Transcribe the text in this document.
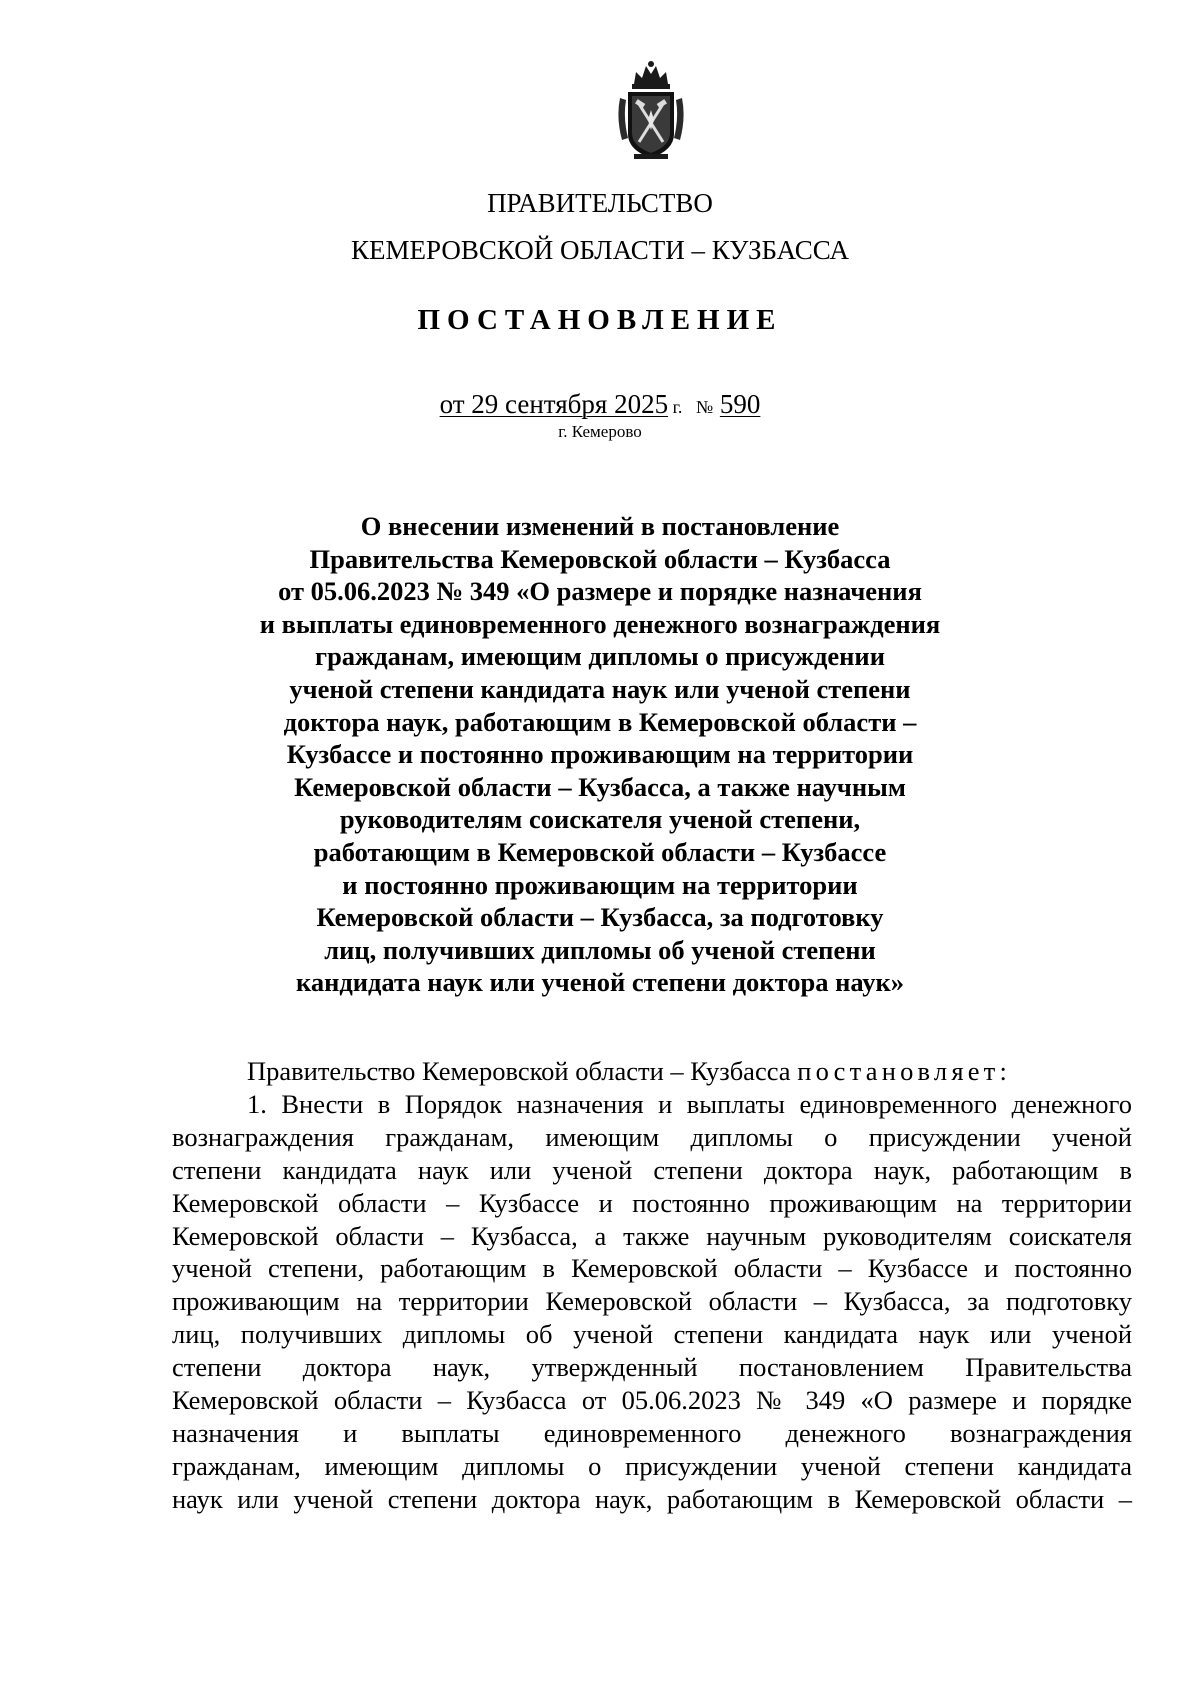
ПРАВИТЕЛЬСТВО
КЕМЕРОВСКОЙ ОБЛАСТИ – КУЗБАССА
ПОСТАНОВЛЕНИЕ
от 29 сентября 2025 г. № 590
г. Кемерово
О внесении изменений в постановление
Правительства Кемеровской области – Кузбасса
от 05.06.2023 № 349 «О размере и порядке назначения
и выплаты единовременного денежного вознаграждения
гражданам, имеющим дипломы о присуждении
ученой степени кандидата наук или ученой степени
доктора наук, работающим в Кемеровской области –
Кузбассе и постоянно проживающим на территории
Кемеровской области – Кузбасса, а также научным
руководителям соискателя ученой степени,
работающим в Кемеровской области – Кузбассе
и постоянно проживающим на территории
Кемеровской области – Кузбасса, за подготовку
лиц, получивших дипломы об ученой степени
кандидата наук или ученой степени доктора наук»
Правительство Кемеровской области – Кузбасса постановляет:
1. Внести в Порядок назначения и выплаты единовременного денежного
вознаграждения гражданам, имеющим дипломы о присуждении ученой
степени кандидата наук или ученой степени доктора наук, работающим в
Кемеровской области – Кузбассе и постоянно проживающим на территории
Кемеровской области – Кузбасса, а также научным руководителям соискателя
ученой степени, работающим в Кемеровской области – Кузбассе и постоянно
проживающим на территории Кемеровской области – Кузбасса, за подготовку
лиц, получивших дипломы об ученой степени кандидата наук или ученой
степени доктора наук, утвержденный постановлением Правительства
Кемеровской области – Кузбасса от 05.06.2023 № 349 «О размере и порядке
назначения и выплаты единовременного денежного вознаграждения
гражданам, имеющим дипломы о присуждении ученой степени кандидата
наук или ученой степени доктора наук, работающим в Кемеровской области –
